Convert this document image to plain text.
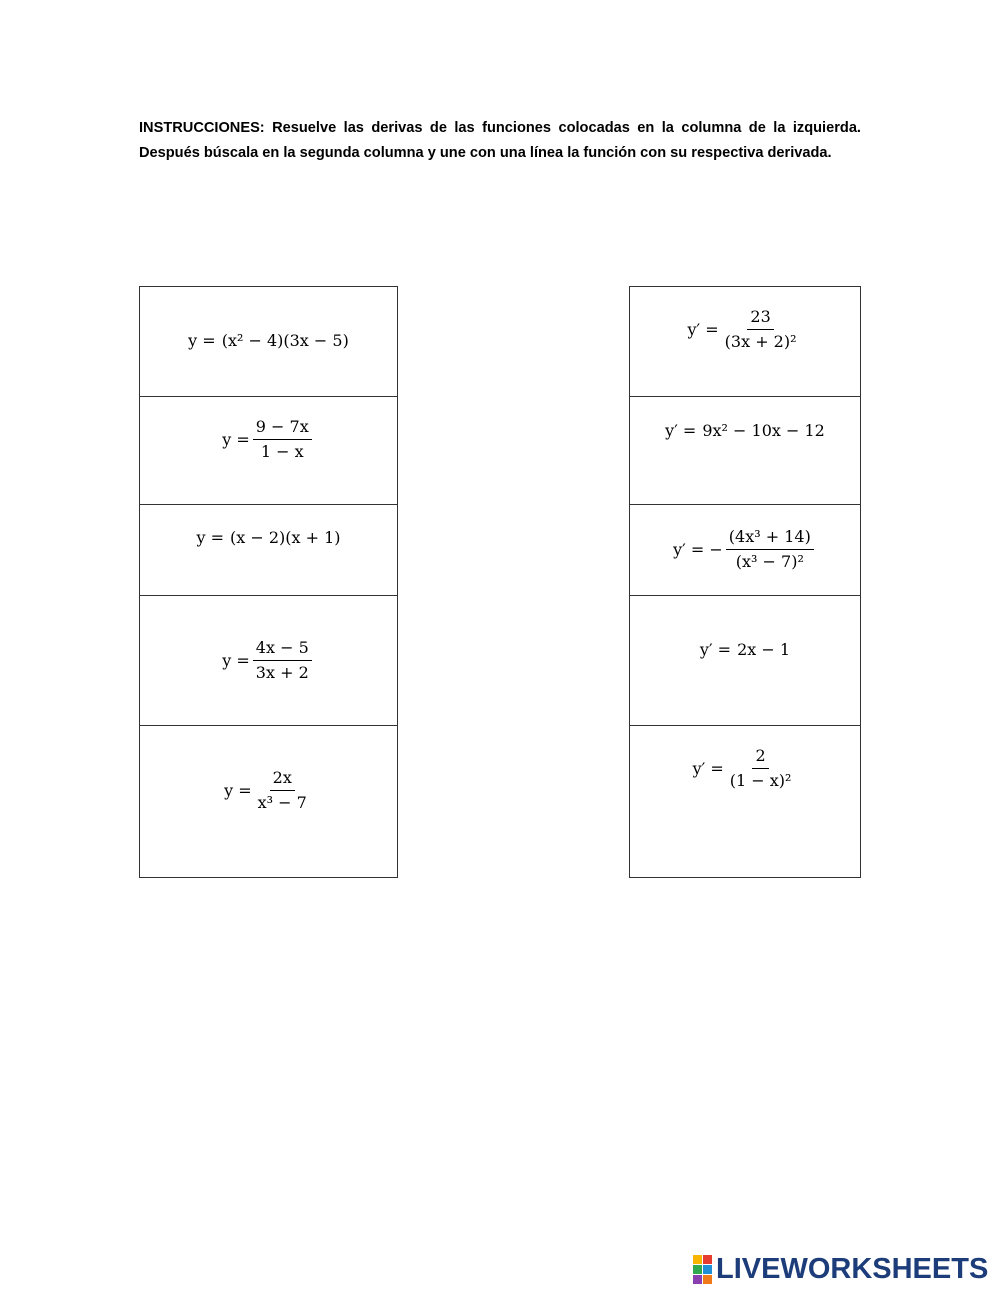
INSTRUCCIONES: Resuelve las derivas de las funciones colocadas en la columna de la izquierda.
Después búscala en la segunda columna y une con una línea la función con su respectiva derivada.
y = (x² − 4)(3x − 5)
$y = \frac{9 - 7x}{1 - x}$
y = (x − 2)(x + 1)
$y = \frac{4x - 5}{3x + 2}$
$y = \frac{2x}{\text{x³ − 7}}$
$y' = \frac{23}{\text{(3x + 2)²}}$
y′ = 9x² − 10x − 12
y′ = − $\frac{\text{(4x³ + 14)}}{\text{(x³ − 7)²}}$
y′ = 2x − 1
$y' = \frac{2}{\text{(1 − x)²}}$
LIVEWORKSHEETS
